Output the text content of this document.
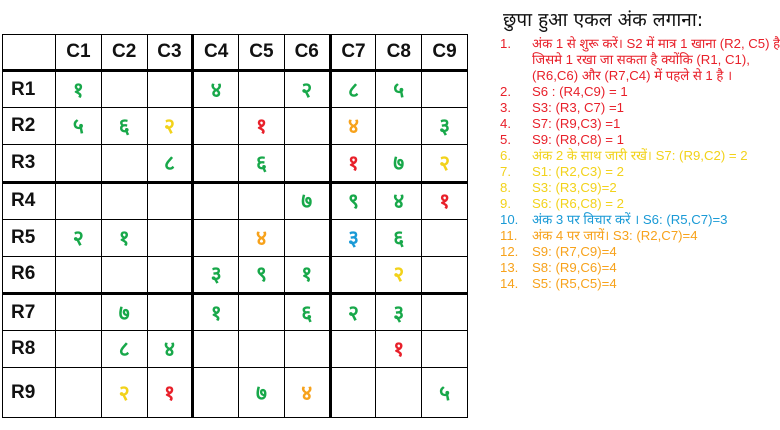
	C1	C2	C3	C4	C5	C6	C7	C8	C9
R1	१			४		२	८	५	
R2	५	६	२		१		४		३
R3			८		६		१	७	२
R4						७	९	४	१
R5	२	१			४		३	६	
R6				३	९	१		२	
R7		७		१		६	२	३	
R8		८	४					१	
R9		२	१		७	४			५
छुपा हुआ एकल अंक लगाना:
1.	अंक 1 से शुरू करें। S2 में मात्र 1 खाना (R2, C5) है जिसमे 1 रखा जा सकता है क्योंकि (R1, C1), (R6,C6) और (R7,C4) में पहले से 1 है ।
2.	S6 : (R4,C9) = 1
3.	S3: (R3, C7) =1
4.	S7: (R9,C3) =1
5.	S9: (R8,C8) = 1
6.	अंक 2 के साथ जारी रखें। S7: (R9,C2) = 2
7.	S1: (R2,C3) = 2
8.	S3: (R3,C9)=2
9.	S6: (R6,C8) = 2
10.	अंक 3 पर विचार करें । S6: (R5,C7)=3
11.	अंक 4 पर जायें। S3: (R2,C7)=4
12.	S9: (R7,C9)=4
13.	S8: (R9,C6)=4
14.	S5: (R5,C5)=4
